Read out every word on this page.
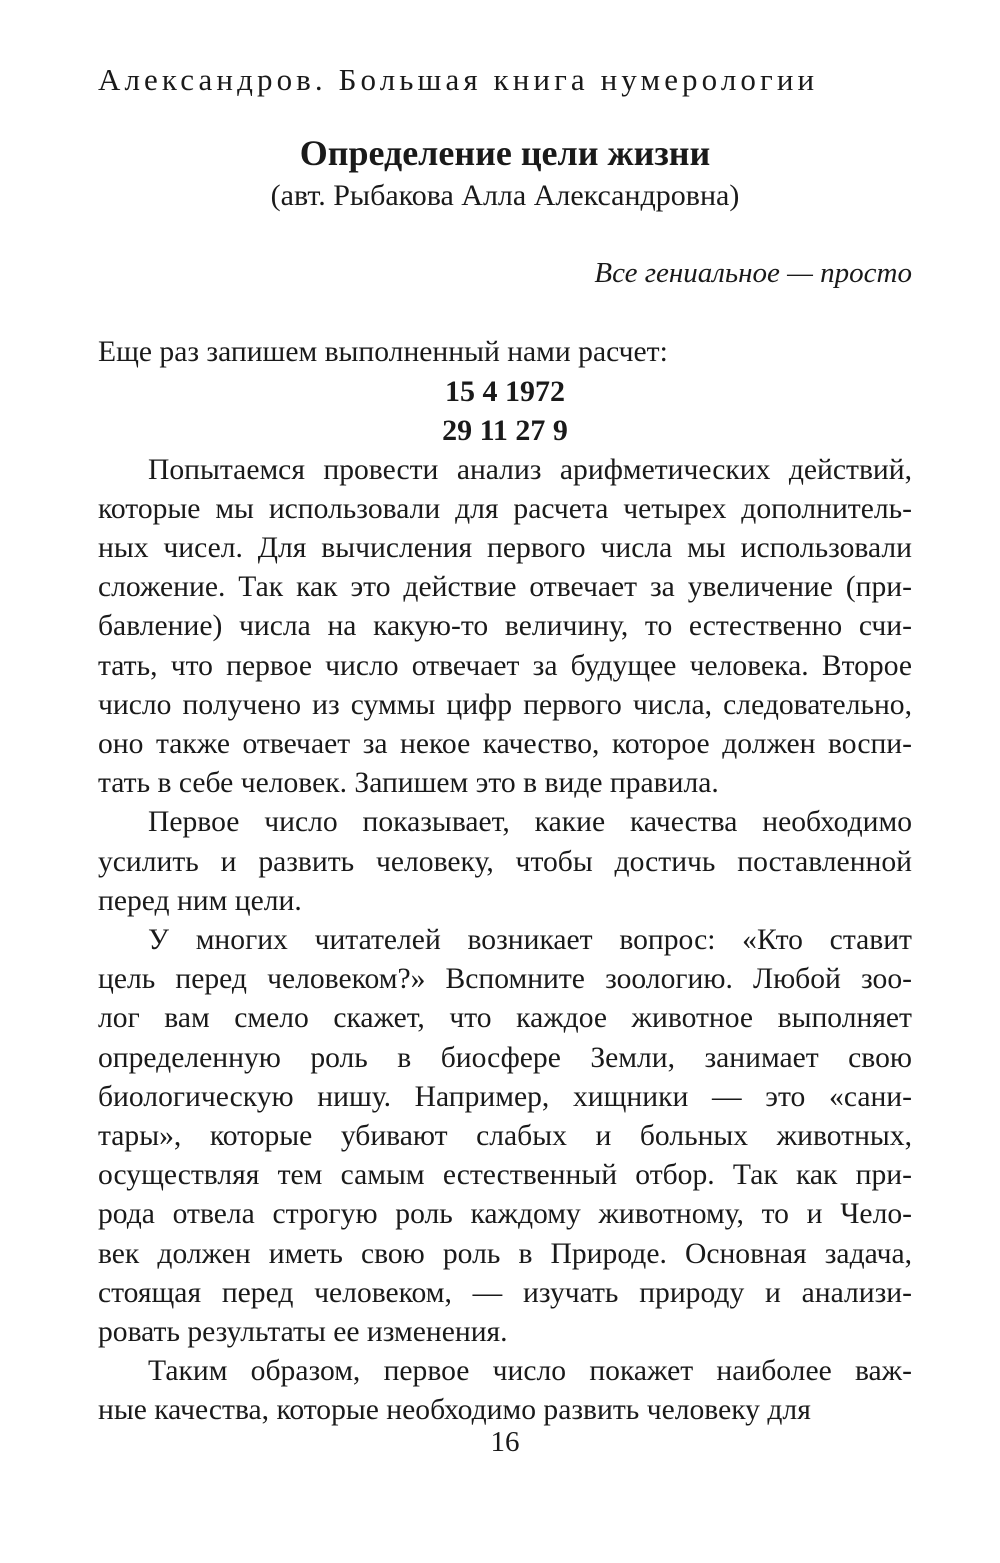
Александров. Большая книга нумерологии
Определение цели жизни
(авт. Рыбакова Алла Александровна)
Все гениальное — просто

Еще раз запишем выполненный нами расчет:

15 4 1972

29 11 27 9

Попытаемся провести анализ арифметических действий,
которые мы использовали для расчета четырех дополнитель-
ных чисел. Для вычисления первого числа мы использовали
сложение. Так как это действие отвечает за увеличение (при-
бавление) числа на какую-то величину, то естественно счи-
тать, что первое число отвечает за будущее человека. Второе
число получено из суммы цифр первого числа, следовательно,
оно также отвечает за некое качество, которое должен воспи-
тать в себе человек. Запишем это в виде правила.
Первое число показывает, какие качества необходимо
усилить и развить человеку, чтобы достичь поставленной
перед ним цели.
У многих читателей возникает вопрос: «Кто ставит
цель перед человеком?» Вспомните зоологию. Любой зоо-
лог вам смело скажет, что каждое животное выполняет
определенную роль в биосфере Земли, занимает свою
биологическую нишу. Например, хищники — это «сани-
тары», которые убивают слабых и больных животных,
осуществляя тем самым естественный отбор. Так как при-
рода отвела строгую роль каждому животному, то и Чело-
век должен иметь свою роль в Природе. Основная задача,
стоящая перед человеком, — изучать природу и анализи-
ровать результаты ее изменения.
Таким образом, первое число покажет наиболее важ-
ные качества, которые необходимо развить человеку для
16
